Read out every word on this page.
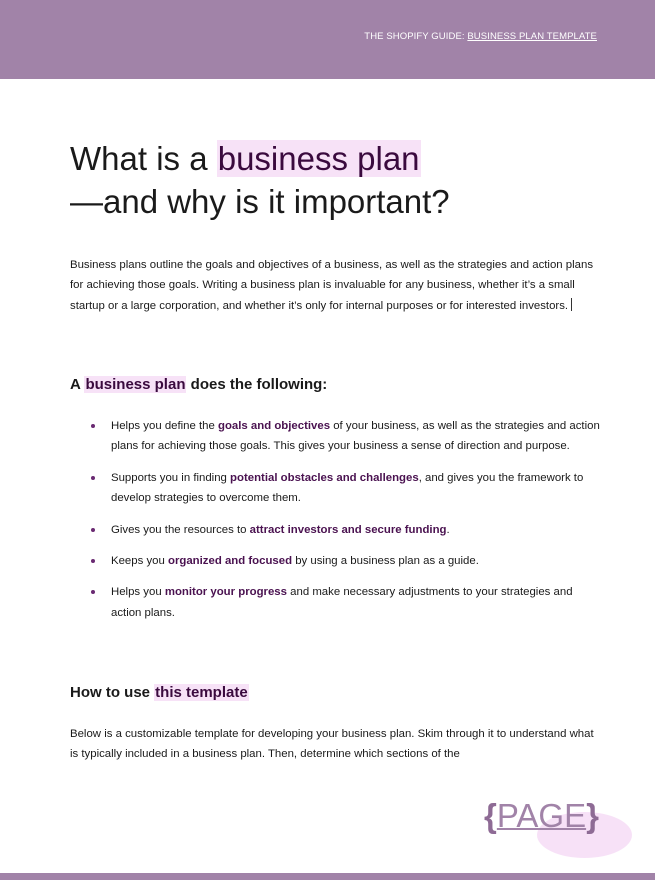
THE SHOPIFY GUIDE: BUSINESS PLAN TEMPLATE
What is a business plan
—and why is it important?

Business plans outline the goals and objectives of a business, as well as the strategies and action plans for achieving those goals. Writing a business plan is invaluable for any business, whether it’s a small startup or a large corporation, and whether it’s only for internal purposes or for interested investors.

A business plan does the following:
Helps you define the goals and objectives of your business, as well as the strategies and action plans for achieving those goals. This gives your business a sense of direction and purpose.
Supports you in finding potential obstacles and challenges, and gives you the framework to develop strategies to overcome them.
Gives you the resources to attract investors and secure funding.
Keeps you organized and focused by using a business plan as a guide.
Helps you monitor your progress and make necessary adjustments to your strategies and action plans.
How to use this template

Below is a customizable template for developing your business plan. Skim through it to understand what is typically included in a business plan. Then, determine which sections of the

{PAGE}
